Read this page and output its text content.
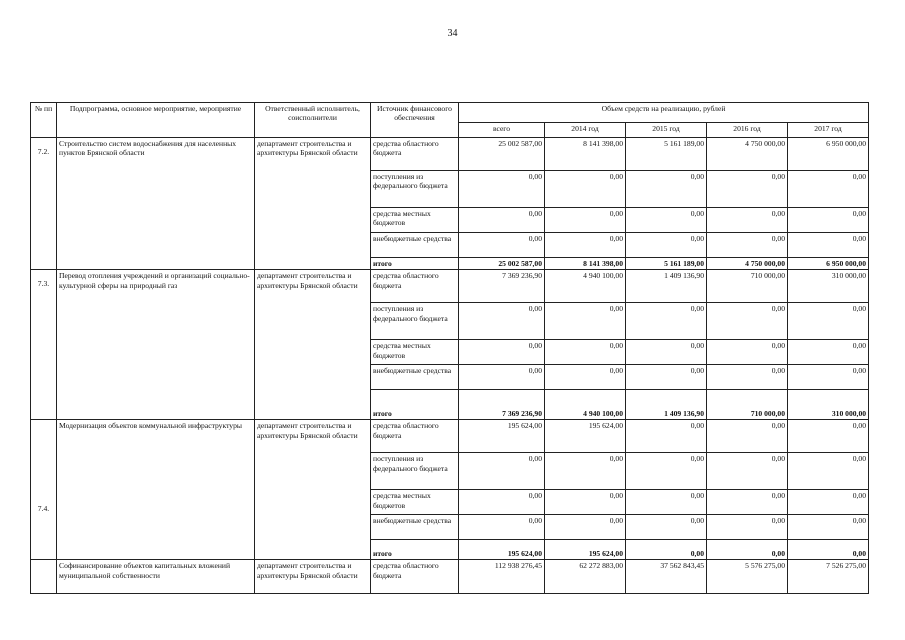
34
№ пп	Подпрограмма, основное мероприятие, мероприятие	Ответственный исполнитель, соисполнители	Источник финансового обеспечения	Объем средств на реализацию, рублей				
				всего	2014 год	2015 год	2016 год	2017 год
7.2.	Строительство систем водоснабжения для населенных пунктов Брянской области	департамент строительства и архитектуры Брянской области	средства областного бюджета	25 002 587,00	8 141 398,00	5 161 189,00	4 750 000,00	6 950 000,00
			поступления из федерального бюджета	0,00	0,00	0,00	0,00	0,00
			средства местных бюджетов	0,00	0,00	0,00	0,00	0,00
			внебюджетные средства	0,00	0,00	0,00	0,00	0,00
			итого	25 002 587,00	8 141 398,00	5 161 189,00	4 750 000,00	6 950 000,00
7.3.	Перевод отопления учреждений и организаций социально-культурной сферы на природный газ	департамент строительства и архитектуры Брянской области	средства областного бюджета	7 369 236,90	4 940 100,00	1 409 136,90	710 000,00	310 000,00
			поступления из федерального бюджета	0,00	0,00	0,00	0,00	0,00
			средства местных бюджетов	0,00	0,00	0,00	0,00	0,00
			внебюджетные средства	0,00	0,00	0,00	0,00	0,00
			итого	7 369 236,90	4 940 100,00	1 409 136,90	710 000,00	310 000,00
7.4.	Модернизация объектов коммунальной инфраструктуры	департамент строительства и архитектуры Брянской области	средства областного бюджета	195 624,00	195 624,00	0,00	0,00	0,00
			поступления из федерального бюджета	0,00	0,00	0,00	0,00	0,00
			средства местных бюджетов	0,00	0,00	0,00	0,00	0,00
			внебюджетные средства	0,00	0,00	0,00	0,00	0,00
			итого	195 624,00	195 624,00	0,00	0,00	0,00
	Софинансирование объектов капитальных вложений муниципальной собственности	департамент строительства и архитектуры Брянской области	средства областного бюджета	112 938 276,45	62 272 883,00	37 562 843,45	5 576 275,00	7 526 275,00
